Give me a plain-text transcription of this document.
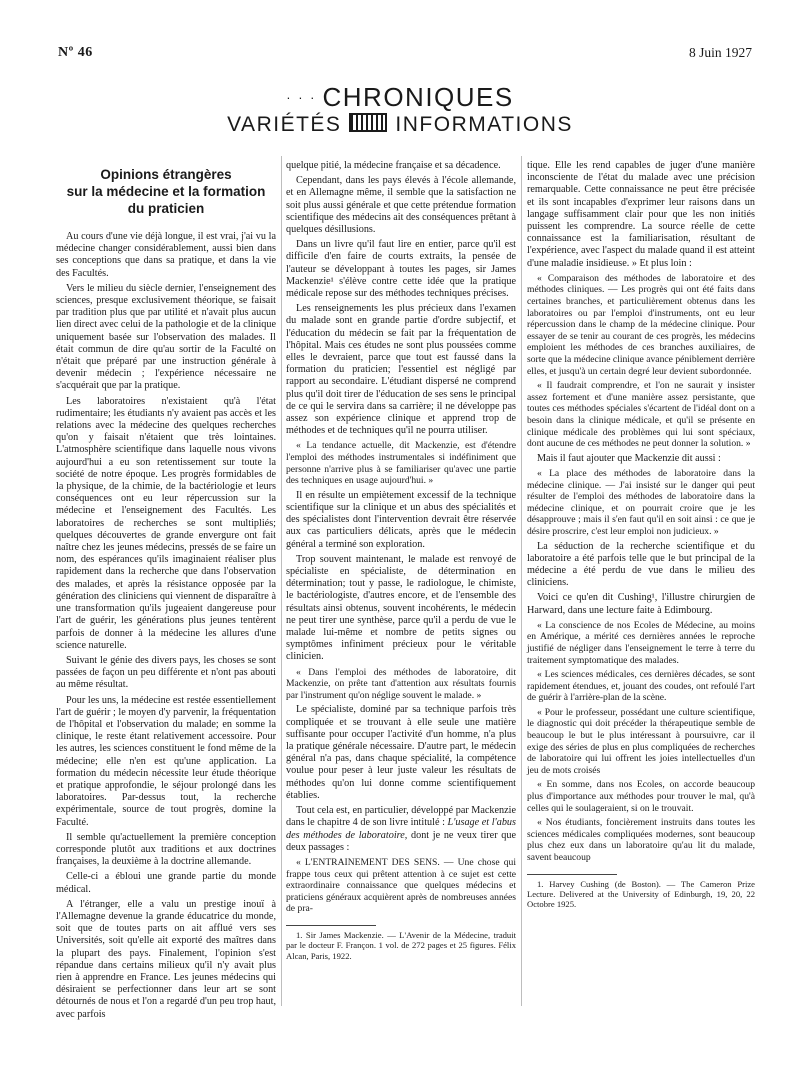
Nº 46	8 Juin 1927
· · · CHRONIQUES
VARIÉTÉS	INFORMATIONS
Opinions étrangères
sur la médecine et la formation
du praticien

Au cours d'une vie déjà longue, il est vrai, j'ai vu la médecine changer considérablement, aussi bien dans ses conceptions que dans sa pratique, et dans la vie des Facultés.

Vers le milieu du siècle dernier, l'enseignement des sciences, presque exclusivement théorique, se faisait par tradition plus que par utilité et n'avait plus aucun lien direct avec celui de la pathologie et de la clinique uniquement basée sur l'observation des malades. Il était commun de dire qu'au sortir de la Faculté on n'était que préparé par une instruction générale à devenir médecin ; l'expérience nécessaire ne s'acquérait que par la pratique.

Les laboratoires n'existaient qu'à l'état rudimentaire; les étudiants n'y avaient pas accès et les relations avec la médecine des quelques recherches qu'on y faisait n'étaient que très lointaines. L'atmosphère scientifique dans laquelle nous vivons aujourd'hui a eu son retentissement sur toute la société de notre époque. Les progrès formidables de la physique, de la chimie, de la bactériologie et leurs conséquences ont eu leur répercussion sur la médecine et l'enseignement des Facultés. Les laboratoires de recherches se sont multipliés; quelques découvertes de grande envergure ont fait naître chez les jeunes médecins, pressés de se faire un nom, des espérances qu'ils imaginaient réaliser plus rapidement dans la recherche que dans l'observation des malades, et après la résistance opposée par la génération des cliniciens qui viennent de disparaître à une transformation qu'ils jugeaient dangereuse pour l'art de guérir, les générations plus jeunes tentèrent parfois de donner à la médecine les allures d'une science naturelle.

Suivant le génie des divers pays, les choses se sont passées de façon un peu différente et n'ont pas abouti au même résultat.

Pour les uns, la médecine est restée essentiellement l'art de guérir ; le moyen d'y parvenir, la fréquentation de l'hôpital et l'observation du malade; en somme la clinique, le reste étant relativement accessoire. Pour les autres, les sciences constituent le fond même de la médecine; elle n'en est qu'une application. La formation du médecin nécessite leur étude théorique et pratique approfondie, le séjour prolongé dans les laboratoires. Par-dessus tout, la recherche expérimentale, source de tout progrès, domine la Faculté.

Il semble qu'actuellement la première conception corresponde plutôt aux traditions et aux doctrines françaises, la deuxième à la doctrine allemande.

Celle-ci a ébloui une grande partie du monde médical.

A l'étranger, elle a valu un prestige inouï à l'Allemagne devenue la grande éducatrice du monde, soit que de toutes parts on ait afflué vers ses Universités, soit qu'elle ait exporté des maîtres dans la plupart des pays. Finalement, l'opinion s'est répandue dans certains milieux qu'il n'y avait plus rien à apprendre en France. Les jeunes médecins qui désiraient se perfectionner dans leur art se sont détournés de nous et l'on a regardé d'un peu trop haut, avec parfois

quelque pitié, la médecine française et sa décadence.

Cependant, dans les pays élevés à l'école allemande, et en Allemagne même, il semble que la satisfaction ne soit plus aussi générale et que cette prétendue formation scientifique des médecins ait des conséquences prêtant à quelques désillusions.

Dans un livre qu'il faut lire en entier, parce qu'il est difficile d'en faire de courts extraits, la pensée de l'auteur se développant à toutes les pages, sir James Mackenzie¹ s'élève contre cette idée que la pratique médicale repose sur des méthodes techniques précises.

Les renseignements les plus précieux dans l'examen du malade sont en grande partie d'ordre subjectif, et l'éducation du médecin se fait par la fréquentation de l'hôpital. Mais ces études ne sont plus poussées comme elles le devraient, parce que tout est faussé dans la formation du praticien; l'essentiel est négligé par rapport au secondaire. L'étudiant dispersé ne comprend plus qu'il doit tirer de l'éducation de ses sens le principal de ce qui le servira dans sa carrière; il ne développe pas assez son expérience clinique et apprend trop de méthodes et de techniques qu'il ne pourra utiliser.

« La tendance actuelle, dit Mackenzie, est d'étendre l'emploi des méthodes instrumentales si indéfiniment que personne n'arrive plus à se familiariser qu'avec une partie des techniques en usage aujourd'hui. »

Il en résulte un empiètement excessif de la technique scientifique sur la clinique et un abus des spécialités et des spécialistes dont l'intervention devrait être réservée aux cas particuliers délicats, après que le médecin général a terminé son exploration.

Trop souvent maintenant, le malade est renvoyé de spécialiste en spécialiste, de détermination en détermination; tout y passe, le radiologue, le chimiste, le bactériologiste, d'autres encore, et de l'ensemble des résultats ainsi obtenus, souvent incohérents, le médecin ne peut tirer une synthèse, parce qu'il a perdu de vue le malade lui-même et nombre de petits signes ou symptômes infiniment précieux pour le véritable clinicien.

« Dans l'emploi des méthodes de laboratoire, dit Mackenzie, on prête tant d'attention aux résultats fournis par l'instrument qu'on néglige souvent le malade. »

Le spécialiste, dominé par sa technique parfois très compliquée et se trouvant à elle seule une matière suffisante pour occuper l'activité d'un homme, n'a plus la pratique générale nécessaire. D'autre part, le médecin général n'a pas, dans chaque spécialité, la compétence voulue pour peser à leur juste valeur les résultats de méthodes qu'on lui donne comme scientifiquement établies.

Tout cela est, en particulier, développé par Mackenzie dans le chapitre 4 de son livre intitulé : L'usage et l'abus des méthodes de laboratoire, dont je ne veux tirer que deux passages :

« L'ENTRAINEMENT DES SENS. — Une chose qui frappe tous ceux qui prêtent attention à ce sujet est cette extraordinaire connaissance que quelques médecins et praticiens généraux acquièrent après de nombreuses années de pra-

1. Sir James Mackenzie. — L'Avenir de la Médecine, traduit par le docteur F. Françon. 1 vol. de 272 pages et 25 figures. Félix Alcan, Paris, 1922.

tique. Elle les rend capables de juger d'une manière inconsciente de l'état du malade avec une précision remarquable. Cette connaissance ne peut être précisée et ils sont incapables d'exprimer leur raisons dans un langage suffisamment clair pour que les non initiés puissent les comprendre. La source réelle de cette connaissance est la familiarisation, résultant de l'expérience, avec l'aspect du malade quand il est atteint d'une maladie insidieuse. » Et plus loin :

« Comparaison des méthodes de laboratoire et des méthodes cliniques. — Les progrès qui ont été faits dans certaines branches, et particulièrement obtenus dans les laboratoires ou par l'emploi d'instruments, ont eu leur répercussion dans le champ de la médecine clinique. Pour essayer de se tenir au courant de ces progrès, les médecins emploient les méthodes de ces branches auxiliaires, de sorte que la médecine clinique avance péniblement derrière elles, et jusqu'à un certain degré leur devient subordonnée.

« Il faudrait comprendre, et l'on ne saurait y insister assez fortement et d'une manière assez persistante, que toutes ces méthodes spéciales s'écartent de l'idéal dont on a besoin dans la clinique médicale, et qu'il se présente en clinique médicale des problèmes qui lui sont spéciaux, dont aucune de ces méthodes ne peut donner la solution. »

Mais il faut ajouter que Mackenzie dit aussi :

« La place des méthodes de laboratoire dans la médecine clinique. — J'ai insisté sur le danger qui peut résulter de l'emploi des méthodes de laboratoire dans la médecine clinique, et on pourrait croire que je les désapprouve ; mais il s'en faut qu'il en soit ainsi : ce que je désire proscrire, c'est leur emploi non judicieux. »

La séduction de la recherche scientifique et du laboratoire a été parfois telle que le but principal de la médecine a été perdu de vue dans le milieu des cliniciens.

Voici ce qu'en dit Cushing¹, l'illustre chirurgien de Harward, dans une lecture faite à Edimbourg.

« La conscience de nos Ecoles de Médecine, au moins en Amérique, a mérité ces dernières années le reproche justifié de négliger dans l'enseignement le terre à terre du traitement symptomatique des malades.

« Les sciences médicales, ces dernières décades, se sont rapidement étendues, et, jouant des coudes, ont refoulé l'art de guérir à l'arrière-plan de la scène.

« Pour le professeur, possédant une culture scientifique, le diagnostic qui doit précéder la thérapeutique semble de beaucoup le but le plus intéressant à poursuivre, car il exige des séries de plus en plus compliquées de recherches de laboratoire qui lui offrent les joies intellectuelles d'un jeu de mots croisés

« En somme, dans nos Ecoles, on accorde beaucoup plus d'importance aux méthodes pour trouver le mal, qu'à celles qui le soulageraient, si on le trouvait.

« Nos étudiants, foncièrement instruits dans toutes les sciences médicales compliquées modernes, sont beaucoup plus chez eux dans un laboratoire qu'au lit du malade, savent beaucoup

1. Harvey Cushing (de Boston). — The Cameron Prize Lecture. Delivered at the University of Edinburgh, 19, 20, 22 Octobre 1925.
